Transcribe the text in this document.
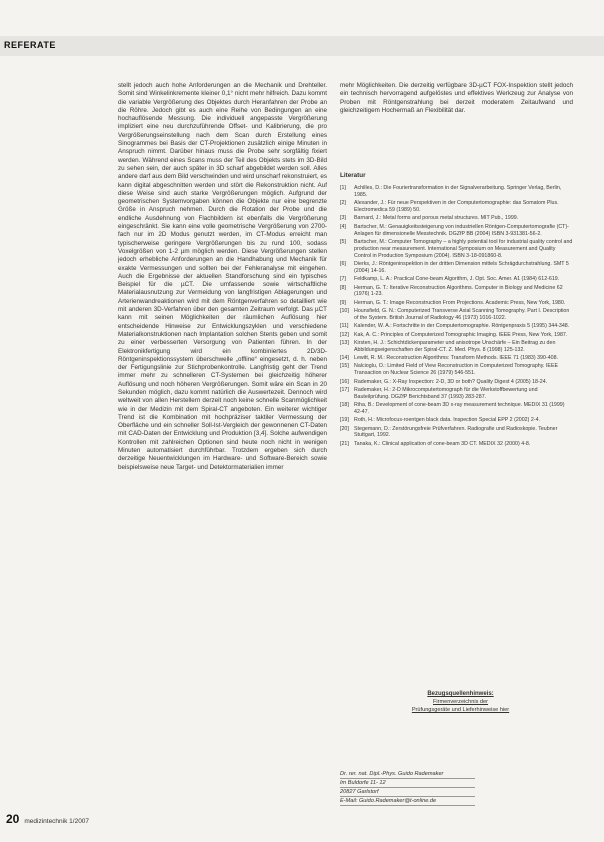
REFERATE

stellt jedoch auch hohe Anforderungen an die Mechanik und Drehteller. Somit sind Winkelinkremente kleiner 0,1° nicht mehr hilfreich. Dazu kommt die variable Vergrößerung des Objektes durch Heranfahren der Probe an die Röhre. Jedoch gibt es auch eine Reihe von Bedingungen an eine hochauflösende Messung. Die individuell angepasste Vergrößerung impliziert eine neu durchzuführende Offset- und Kalibrierung, die pro Vergrößerungseinstellung nach dem Scan durch Erstellung eines Sinogrammes bei Basis der CT-Projektionen zusätzlich einige Minuten in Anspruch nimmt. Darüber hinaus muss die Probe sehr sorgfältig fixiert werden. Während eines Scans muss der Teil des Objekts stets im 3D-Bild zu sehen sein, der auch später in 3D scharf abgebildet werden soll. Alles andere darf aus dem Bild verschwinden und wird unscharf rekonstruiert, es kann digital abgeschnitten werden und stört die Rekonstruktion nicht. Auf diese Weise sind auch starke Vergrößerungen möglich. Aufgrund der geometrischen Systemvorgaben können die Objekte nur eine begrenzte Größe in Anspruch nehmen. Durch die Rotation der Probe und die endliche Ausdehnung von Flachbildern ist ebenfalls die Vergrößerung eingeschränkt. Sie kann eine volle geometrische Vergrößerung von 2700-fach nur im 2D Modus genutzt werden, im CT-Modus erreicht man typischerweise geringere Vergrößerungen bis zu rund 100, sodass Voxelgrößen von 1-2 µm möglich werden. Diese Vergrößerungen stellen jedoch erhebliche Anforderungen an die Handhabung und Mechanik für exakte Vermessungen und sollten bei der Fehleranalyse mit eingehen. Auch die Ergebnisse der aktuellen Standforschung sind ein typisches Beispiel für die µCT. Die umfassende sowie wirtschaftliche Materialausnutzung zur Vermeidung von langfristigen Ablagerungen und Arterienwandreaktionen wird mit dem Röntgenverfahren so detailliert wie mit anderen 3D-Verfahren über den gesamten Zeitraum verfolgt. Das µCT kann mit seinen Möglichkeiten der räumlichen Auflösung hier entscheidende Hinweise zur Entwicklungszyklen und verschiedene Materialkonstruktionen nach Implantation solchen Stents geben und somit zu einer verbesserten Versorgung von Patienten führen. In der Elektronikfertigung wird ein kombiniertes 2D/3D-Röntgeninspektionssystem überschwelle „offline“ eingesetzt, d. h. neben der Fertigungslinie zur Stichprobenkontrolle. Langfristig geht der Trend immer mehr zu schnelleren CT-Systemen bei gleichzeitig höherer Auflösung und noch höheren Vergrößerungen. Somit wäre ein Scan in 20 Sekunden möglich, dazu kommt natürlich die Auswertezeit. Dennoch wird weltweit von allen Herstellern derzeit noch keine schnelle Scanmöglichkeit wie in der Medizin mit dem Spiral-CT angeboten. Ein weiterer wichtiger Trend ist die Kombination mit hochpräziser taktiler Vermessung der Oberfläche und ein schneller Soll-Ist-Vergleich der gewonnenen CT-Daten mit CAD-Daten der Entwicklung und Produktion [3,4]. Solche aufwendigen Kontrollen mit zahlreichen Optionen sind heute noch nicht in wenigen Minuten automatisiert durchführbar. Trotzdem ergeben sich durch derzeitige Neuentwicklungen im Hardware- und Software-Bereich sowie beispielsweise neue Target- und Detektormaterialien immer

mehr Möglichkeiten. Die derzeitig verfügbare 3D-µCT FOX-Inspektion stellt jedoch ein technisch hervorragend aufgelöstes und effektives Werkzeug zur Analyse von Proben mit Röntgenstrahlung bei derzeit moderatem Zeitaufwand und gleichzeitigem Hochermaß an Flexibilität dar.

Literatur
[1]	Achilles, D.: Die Fouriertransformation in der Signalverarbeitung. Springer Verlag, Berlin, 1985.
[2]	Alexander, J.: Für neue Perspektiven in der Computertomographie: das Somatom Plus. Electromedica 59 (1989) 50.
[3]	Barnard, J.: Metal forms and porous metal structures. MIT Pub., 1999.
[4]	Bartscher, M.: Genauigkeitssteigerung von industriellen Röntgen-Computertomografie (CT)-Anlagen für dimensionelle Messtechnik. DGZfP BB (2004) ISBN 3-931381-56-2.
[5]	Bartscher, M.: Computer Tomography – a highly potential tool for industrial quality control and production near measurement. International Symposium on Measurement and Quality Control in Production Symposium (2004). ISBN 3-18-091860-8.
[6]	Dierks, J.: Röntgeninspektion in der dritten Dimension mittels Schrägdurchstrahlung. SMT 5 (2004) 14-16.
[7]	Feldkamp, L. A.: Practical Cone-beam Algorithm, J. Opt. Soc. Amer. A1 (1984) 612-619.
[8]	Herman, G. T.: Iterative Reconstruction Algorithms. Computer in Biology and Medicine 62 (1976) 1-23.
[9]	Herman, G. T.: Image Reconstruction From Projections. Academic Press, New York, 1980.
[10] Hounsfield, G. N.: Computerized Transverse Axial Scanning Tomography. Part I. Description of the System. British Journal of Radiology 46 (1973) 1016-1022.
[11]	Kalender, W. A.: Fortschritte in der Computertomographie. Röntgenpraxis 5 (1995) 344-348.
[12] Kak, A. C.: Principles of Computerized Tomographic Imaging. IEEE Press, New York, 1987.
[13] Kirsten, H. J.: Schichtdickenparameter und anisotrope Unschärfe – Ein Beitrag zu den Abbildungseigenschaften der Spiral-CT. Z. Med. Phys. 8 (1998) 125-132.
[14] Lewitt, R. M.: Reconstruction Algorithms: Transform Methods. IEEE 71 (1983) 390-408.
[15] Nalcioglu, O.: Limited Field of View Reconstruction in Computerized Tomography. IEEE Transaction on Nuclear Science 26 (1979) 546-551.
[16] Rademaker, G.: X-Ray Inspection: 2-D, 3D or both? Quality Digest 4 (2005) 18-24.
[17] Rademaker, H.: 2-D Mikrocomputertomograph für die Werkstoffbewertung und Bauteilprüfung. DGZfP Berichtsband 37 (1993) 283-287.
[18] Riha, B.: Development of cone-beam 3D x-ray measurement technique. MEDIX 31 (1999) 42-47.
[19] Roth, H.: Microfocus-roentgen black data. Inspection Special EPP 2 (2002) 2-4.
[20] Stegemann, D.: Zerstörungsfreie Prüfverfahren. Radiografie und Radioskopie. Teubner Stuttgart, 1992.
[21] Tanaka, K.: Clinical application of cone-beam 3D CT. MEDIX 32 (2000) 4-8.
Bezugsquellenhinweis:
Firmenverzeichnis der
Prüfungsgeräte und Lieferhinweise hier
Dr. rer. nat. Dipl.-Phys. Guido Rademaker
Im Buldorfe 11- 12
20827 Garlstorf
E-Mail: Guido.Rademaker@t-online.de
20 medizintechnik 1/2007
